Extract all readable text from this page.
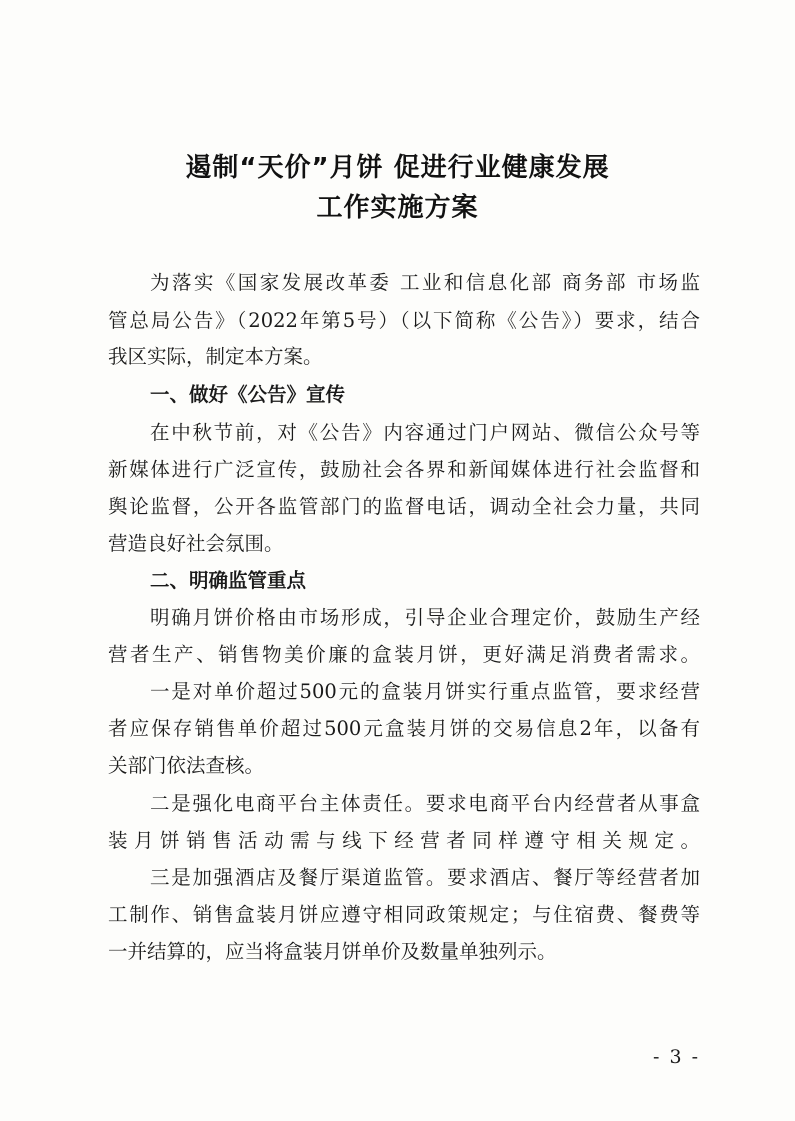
遏制“天价”月饼 促进行业健康发展
工作实施方案
为落实《国家发展改革委 工业和信息化部 商务部 市场监
管总局公告》（2022年第5号）（以下简称《公告》）要求，结合
我区实际，制定本方案。
一、做好《公告》宣传
在中秋节前，对《公告》内容通过门户网站、微信公众号等
新媒体进行广泛宣传，鼓励社会各界和新闻媒体进行社会监督和
舆论监督，公开各监管部门的监督电话，调动全社会力量，共同
营造良好社会氛围。
二、明确监管重点
明确月饼价格由市场形成，引导企业合理定价，鼓励生产经
营者生产、销售物美价廉的盒装月饼，更好满足消费者需求。
一是对单价超过500元的盒装月饼实行重点监管，要求经营
者应保存销售单价超过500元盒装月饼的交易信息2年，以备有
关部门依法查核。
二是强化电商平台主体责任。要求电商平台内经营者从事盒
装月饼销售活动需与线下经营者同样遵守相关规定。
三是加强酒店及餐厅渠道监管。要求酒店、餐厅等经营者加
工制作、销售盒装月饼应遵守相同政策规定；与住宿费、餐费等
一并结算的，应当将盒装月饼单价及数量单独列示。
- 3 -
